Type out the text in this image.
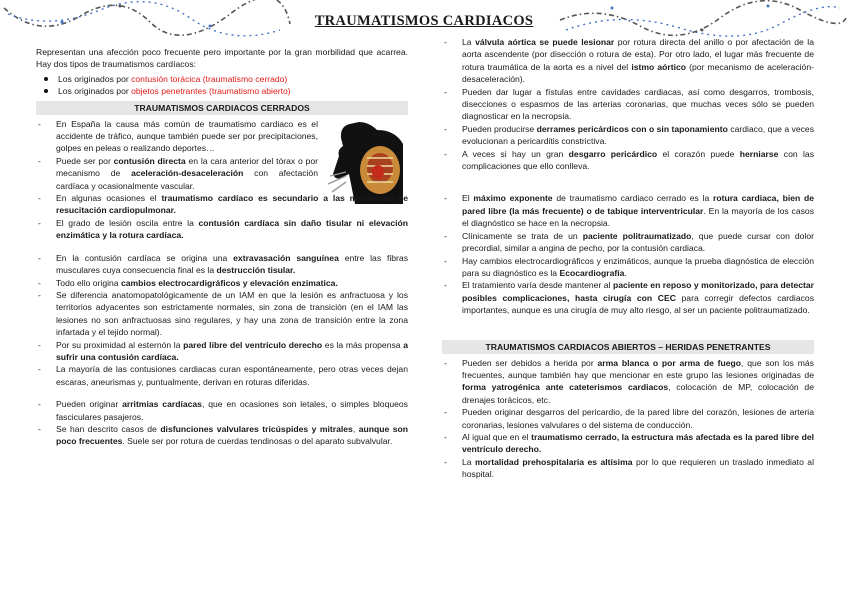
TRAUMATISMOS CARDIACOS

Representan una afección poco frecuente pero importante por la gran morbilidad que acarrea. Hay dos tipos de traumatismos cardíacos:

Los originados por contusión torácica (traumatismo cerrado)
Los originados por objetos penetrantes (traumatismo abierto)
TRAUMATISMOS CARDIACOS CERRADOS
- En España la causa más común de traumatismo cardiaco es el accidente de tráfico, aunque también puede ser por precipitaciones, golpes en peleas o realizando deportes…
- Puede ser por contusión directa en la cara anterior del tórax o por mecanismo de aceleración-desaceleración con afectación cardíaca y ocasionalmente vascular.
- En algunas ocasiones el traumatismo cardíaco es secundario a las maniobras de resucitación cardiopulmonar.
- El grado de lesión oscila entre la contusión cardíaca sin daño tisular ni elevación enzimática y la rotura cardíaca.
- En la contusión cardíaca se origina una extravasación sanguínea entre las fibras musculares cuya consecuencia final es la destrucción tisular.
- Todo ello origina cambios electrocardigráficos y elevación enzimatica.
- Se diferencia anatomopatológicamente de un IAM en que la lesión es anfractuosa y los territorios adyacentes son estrictamente normales, sin zona de transición (en el IAM las lesiones no son anfractuosas sino regulares, y hay una zona de transición entre la zona infartada y el tejido normal).
- Por su proximidad al esternón la pared libre del ventrículo derecho es la más propensa a sufrir una contusión cardíaca.
- La mayoría de las contusiones cardiacas curan espontáneamente, pero otras veces dejan escaras, aneurismas y, puntualmente, derivan en roturas diferidas.
- Pueden originar arritmias cardíacas, que en ocasiones son letales, o simples bloqueos fasciculares pasajeros.
- Se han descrito casos de disfunciones valvulares tricúspides y mitrales, aunque son poco frecuentes. Suele ser por rotura de cuerdas tendinosas o del aparato subvalvular.
- La válvula aórtica se puede lesionar por rotura directa del anillo o por afectación de la aorta ascendente (por disección o rotura de esta). Por otro lado, el lugar más frecuente de rotura traumática de la aorta es a nivel del istmo aórtico (por mecanismo de aceleración-desaceleración).
- Pueden dar lugar a fístulas entre cavidades cardiacas, así como desgarros, trombosis, disecciones o espasmos de las arterias coronarias, que muchas veces sólo se pueden diagnosticar en la necropsia.
- Pueden producirse derrames pericárdicos con o sin taponamiento cardiaco, que a veces evolucionan a pericarditis constrictiva.
- A veces si hay un gran desgarro pericárdico el corazón puede herniarse con las complicaciones que ello conlleva.
- El máximo exponente de traumatismo cardiaco cerrado es la rotura cardiaca, bien de pared libre (la más frecuente) o de tabique interventricular. En la mayoría de los casos el diagnóstico se hace en la necropsia.
- Clínicamente se trata de un paciente politraumatizado, que puede cursar con dolor precordial, similar a angina de pecho, por la contusión cardiaca.
- Hay cambios electrocardiográficos y enzimáticos, aunque la prueba diagnóstica de elección para su diagnóstico es la Ecocardiografía.
- El tratamiento varía desde mantener al paciente en reposo y monitorizado, para detectar posibles complicaciones, hasta cirugía con CEC para corregir defectos cardiacos importantes, aunque es una cirugía de muy alto riesgo, al ser un paciente politraumatizado.
TRAUMATISMOS CARDIACOS ABIERTOS – HERIDAS PENETRANTES
- Pueden ser debidos a herida por arma blanca o por arma de fuego, que son los más frecuentes, aunque también hay que mencionar en este grupo las lesiones originadas de forma yatrogénica ante cateterismos cardiacos, colocación de MP, colocación de drenajes torácicos, etc.
- Pueden originar desgarros del pericardio, de la pared libre del corazón, lesiones de arteria coronarias, lesiones valvulares o del sistema de conducción.
- Al igual que en el traumatismo cerrado, la estructura más afectada es la pared libre del ventrículo derecho.
- La mortalidad prehospitalaria es altísima por lo que requieren un traslado inmediato al hospital.
